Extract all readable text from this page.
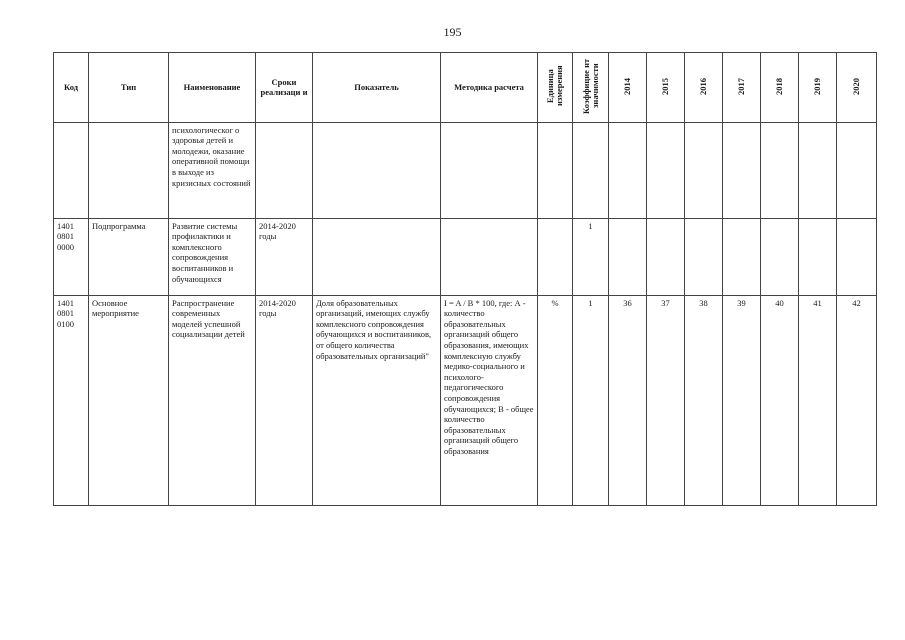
195
Код	Тип	Наименование	Сроки реализаци и	Показатель	Методика расчета	Единица измерения	Коэффицие нт значимости	2014	2015	2016	2017	2018	2019	2020
		психологическог о здоровья детей и молодежи, оказание оперативной помощи в выходе из кризисных состояний												
1401 0801 0000	Подпрограмма	Развитие системы профилактики и комплексного сопровождения воспитанников и обучающихся	2014-2020 годы				1							
1401 0801 0100	Основное мероприятие	Распространение современных моделей успешной социализации детей	2014-2020 годы	Доля образовательных организаций, имеющих службу комплексного сопровождения обучающихся и воспитанников, от общего количества образовательных организаций"	I = A / B * 100, где: А - количество образовательных организаций общего образования, имеющих комплексную службу медико-социального и психолого-педагогического сопровождения обучающихся; В - общее количество образовательных организаций общего образования	%	1	36	37	38	39	40	41	42
